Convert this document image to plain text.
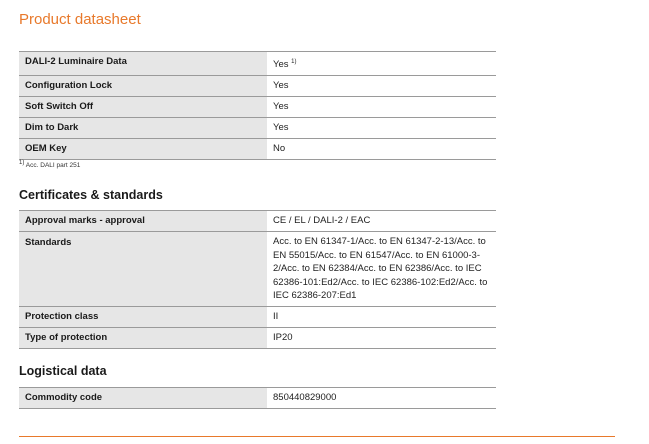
Product datasheet
DALI-2 Luminaire Data	Yes $^{1)}$
Configuration Lock	Yes
Soft Switch Off	Yes
Dim to Dark	Yes
OEM Key	No
$^{1)}$ Acc. DALI part 251
Certificates & standards
Approval marks - approval	CE / EL / DALI-2 / EAC
Standards	Acc. to EN 61347-1/Acc. to EN 61347-2-13/Acc. to EN 55015/Acc. to EN 61547/Acc. to EN 61000-3-2/Acc. to EN 62384/Acc. to EN 62386/Acc. to IEC 62386-101:Ed2/Acc. to IEC 62386-102:Ed2/Acc. to IEC 62386-207:Ed1
Protection class	II
Type of protection	IP20
Logistical data
Commodity code	850440829000
